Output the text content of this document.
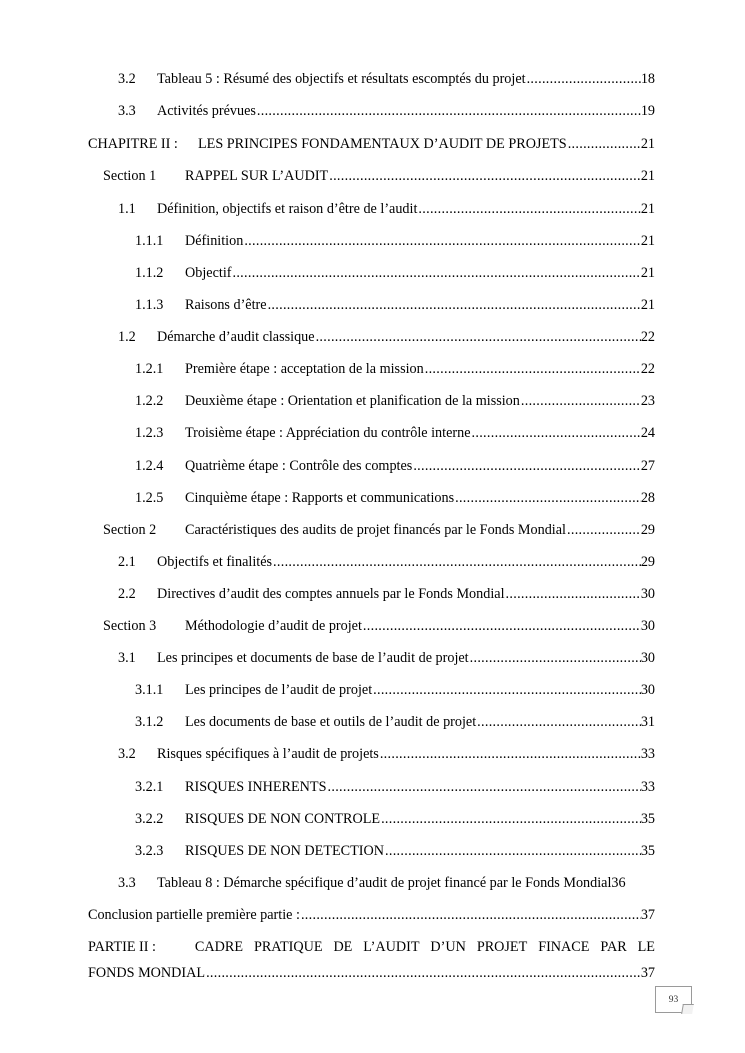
3.2	Tableau 5 : Résumé des objectifs et résultats escomptés du projet .....	18
3.3	Activités prévues .....	19
CHAPITRE II :	LES PRINCIPES FONDAMENTAUX D’AUDIT DE PROJETS .....	21
Section 1	RAPPEL SUR L’AUDIT .....	21
1.1	Définition, objectifs et raison d’être de l’audit .....	21
1.1.1	Définition .....	21
1.1.2	Objectif .....	21
1.1.3	Raisons d’être .....	21
1.2	Démarche d’audit classique .....	22
1.2.1	Première étape : acceptation de la mission .....	22
1.2.2	Deuxième étape : Orientation et planification de la mission .....	23
1.2.3	Troisième étape : Appréciation du contrôle interne .....	24
1.2.4	Quatrième étape : Contrôle des comptes .....	27
1.2.5	Cinquième étape : Rapports et communications .....	28
Section 2	Caractéristiques des audits de projet financés par le Fonds Mondial .....	29
2.1	Objectifs et finalités .....	29
2.2	Directives d’audit des comptes annuels par le Fonds Mondial .....	30
Section 3	Méthodologie d’audit de projet .....	30
3.1	Les principes et documents de base de l’audit de projet .....	30
3.1.1	Les principes de l’audit de projet .....	30
3.1.2	Les documents de base et outils de l’audit de projet .....	31
3.2	Risques spécifiques à l’audit de projets .....	33
3.2.1	RISQUES INHERENTS .....	33
3.2.2	RISQUES DE NON CONTROLE .....	35
3.2.3	RISQUES DE NON DETECTION .....	35
3.3	Tableau 8 : Démarche spécifique d’audit de projet financé par le Fonds Mondial 36
Conclusion partielle première partie : .....	37
PARTIE II :	CADRE PRATIQUE DE L’AUDIT D’UN PROJET FINACE PAR LE
FONDS MONDIAL .....	37
93
